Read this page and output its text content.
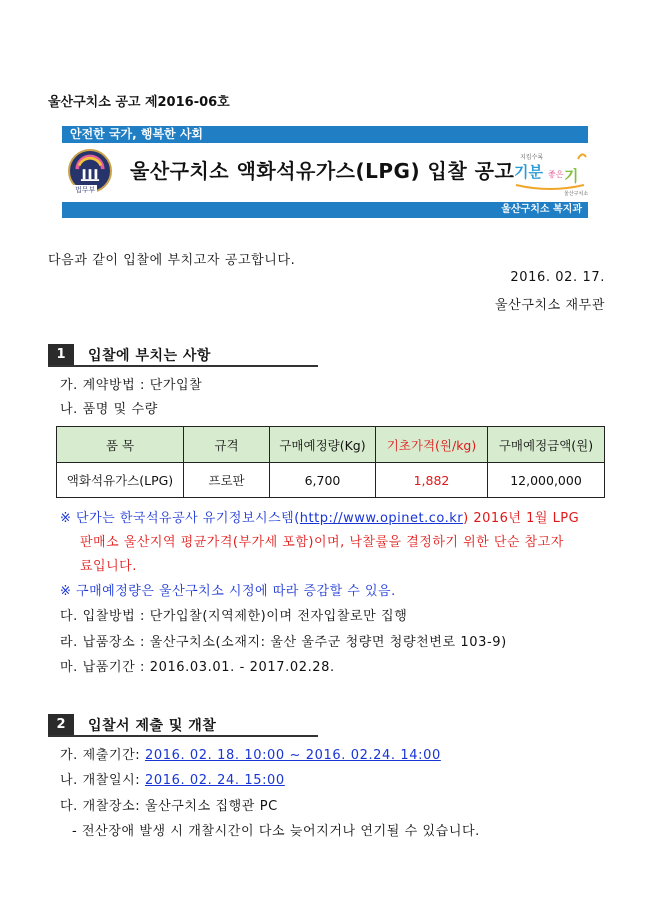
울산구치소 공고 제2016-06호
안전한 국가, 행복한 사회
법무부
울산구치소 액화석유가스(LPG) 입찰 공고
지킴수록
기분 좋은 기
울산구치소
울산구치소 복지과
다음과 같이 입찰에 부치고자 공고합니다.
2016. 02. 17.
울산구치소 재무관
1	입찰에 부치는 사항
가. 계약방법 : 단가입찰
나. 품명 및 수량
품 목	규격	구매예정량(Kg)	기초가격(원/kg)	구매예정금액(원)
액화석유가스(LPG)	프로판	6,700	1,882	12,000,000
※ 단가는 한국석유공사 유기정보시스템(http://www.opinet.co.kr) 2016년 1월 LPG
판매소 울산지역 평균가격(부가세 포함)이며, 낙찰률을 결정하기 위한 단순 참고자
료입니다.
※ 구매예정량은 울산구치소 시정에 따라 증감할 수 있음.
다. 입찰방법 : 단가입찰(지역제한)이며 전자입찰로만 집행
라. 납품장소 : 울산구치소(소재지: 울산 울주군 청량면 청량천변로 103-9)
마. 납품기간 : 2016.03.01. - 2017.02.28.
2	입찰서 제출 및 개찰
가. 제출기간: 2016. 02. 18. 10:00 ~ 2016. 02.24. 14:00
나. 개찰일시: 2016. 02. 24. 15:00
다. 개찰장소: 울산구치소 집행관 PC
- 전산장애 발생 시 개찰시간이 다소 늦어지거나 연기될 수 있습니다.
